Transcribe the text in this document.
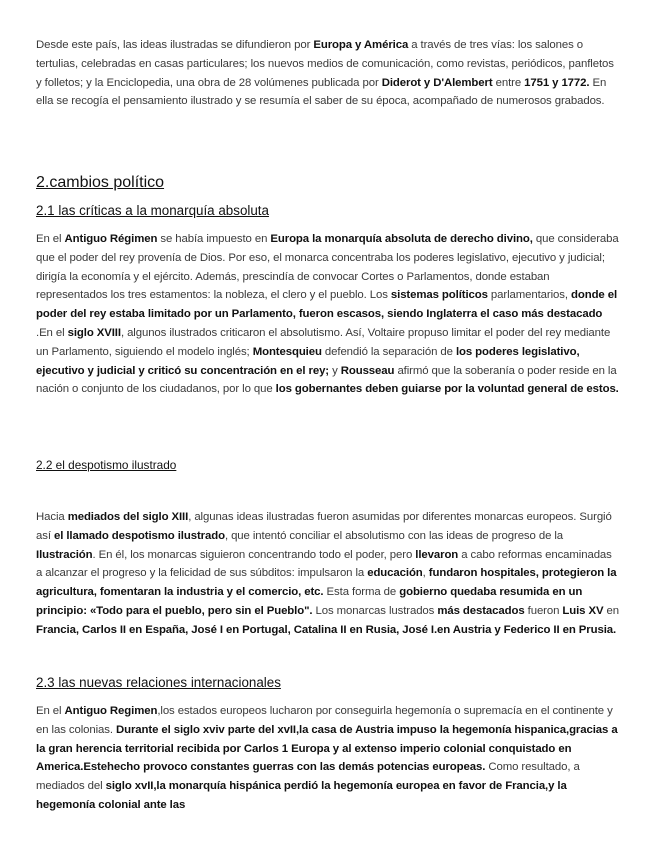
Desde este país, las ideas ilustradas se difundieron por Europa y América a través de tres vías: los salones o tertulias, celebradas en casas particulares; los nuevos medios de comunicación, como revistas, periódicos, panfletos y folletos; y la Enciclopedia, una obra de 28 volúmenes publicada por Diderot y D'Alembert entre 1751 y 1772. En ella se recogía el pensamiento ilustrado y se resumía el saber de su época, acompañado de numerosos grabados.

2.cambios político
2.1 las críticas a la monarquía absoluta

En el Antiguo Régimen se había impuesto en Europa la monarquía absoluta de derecho divino, que consideraba que el poder del rey provenía de Dios. Por eso, el monarca concentraba los poderes legislativo, ejecutivo y judicial; dirigía la economía y el ejército. Además, prescindía de convocar Cortes o Parlamentos, donde estaban representados los tres estamentos: la nobleza, el clero y el pueblo. Los sistemas políticos parlamentarios, donde el poder del rey estaba limitado por un Parlamento, fueron escasos, siendo Inglaterra el caso más destacado .En el siglo XVIII, algunos ilustrados criticaron el absolutismo. Así, Voltaire propuso limitar el poder del rey mediante un Parlamento, siguiendo el modelo inglés; Montesquieu defendió la separación de los poderes legislativo, ejecutivo y judicial y criticó su concentración en el rey; y Rousseau afirmó que la soberanía o poder reside en la nación o conjunto de los ciudadanos, por lo que los gobernantes deben guiarse por la voluntad general de estos.

2.2 el despotismo ilustrado

Hacia mediados del siglo XIII, algunas ideas ilustradas fueron asumidas por diferentes monarcas europeos. Surgió así el llamado despotismo ilustrado, que intentó conciliar el absolutismo con las ideas de progreso de la Ilustración. En él, los monarcas siguieron concentrando todo el poder, pero llevaron a cabo reformas encaminadas a alcanzar el progreso y la felicidad de sus súbditos: impulsaron la educación, fundaron hospitales, protegieron la agricultura, fomentaran la industria y el comercio, etc. Esta forma de gobierno quedaba resumida en un principio: «Todo para el pueblo, pero sin el Pueblo". Los monarcas lustrados más destacados fueron Luis XV en Francia, Carlos II en España, José I en Portugal, Catalina II en Rusia, José I.en Austria y Federico II en Prusia.

2.3 las nuevas relaciones internacionales

En el Antiguo Regimen,los estados europeos lucharon por conseguirla hegemonía o supremacía en el continente y en las colonias. Durante el siglo xviv parte del xvII,la casa de Austria impuso la hegemonía hispanica,gracias a la gran herencia territorial recibida por Carlos 1 Europa y al extenso imperio colonial conquistado en America.Estehecho provoco constantes guerras con las demás potencias europeas. Como resultado, a mediados del siglo xvII,la monarquía hispánica perdió la hegemonía europea en favor de Francia,y la hegemonía colonial ante las
